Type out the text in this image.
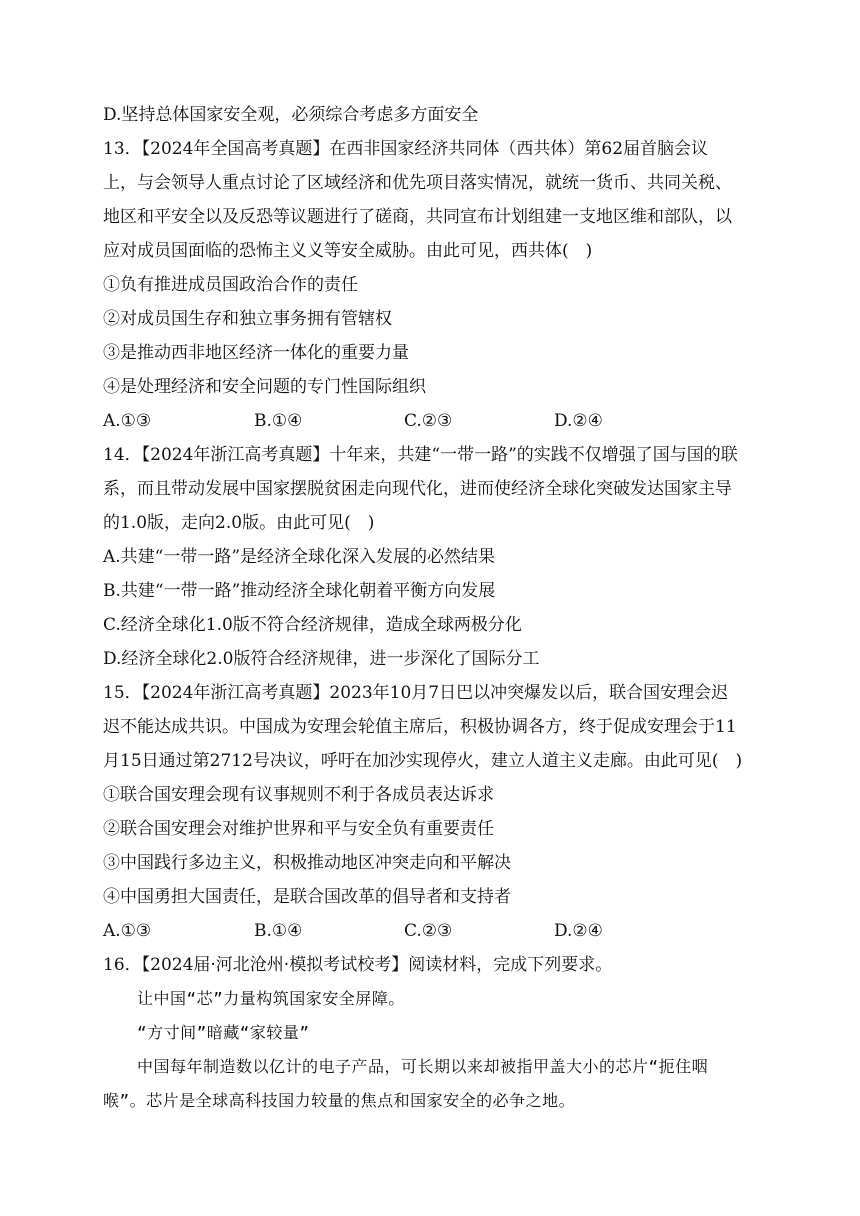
D.坚持总体国家安全观，必须综合考虑多方面安全
13．【2024年全国高考真题】在西非国家经济共同体（西共体）第62届首脑会议
上，与会领导人重点讨论了区域经济和优先项目落实情况，就统一货币、共同关税、
地区和平安全以及反恐等议题进行了磋商，共同宣布计划组建一支地区维和部队，以
应对成员国面临的恐怖主义义等安全威胁。由此可见，西共体(　)
①负有推进成员国政治合作的责任
②对成员国生存和独立事务拥有管辖权
③是推动西非地区经济一体化的重要力量
④是处理经济和安全问题的专门性国际组织
A.①③	B.①④	C.②③	D.②④
14．【2024年浙江高考真题】十年来，共建“一带一路”的实践不仅增强了国与国的联
系，而且带动发展中国家摆脱贫困走向现代化，进而使经济全球化突破发达国家主导
的1.0版，走向2.0版。由此可见(　)
A.共建“一带一路”是经济全球化深入发展的必然结果
B.共建“一带一路”推动经济全球化朝着平衡方向发展
C.经济全球化1.0版不符合经济规律，造成全球两极分化
D.经济全球化2.0版符合经济规律，进一步深化了国际分工
15．【2024年浙江高考真题】2023年10月7日巴以冲突爆发以后，联合国安理会迟
迟不能达成共识。中国成为安理会轮值主席后，积极协调各方，终于促成安理会于11
月15日通过第2712号决议，呼吁在加沙实现停火，建立人道主义走廊。由此可见(　)
①联合国安理会现有议事规则不利于各成员表达诉求
②联合国安理会对维护世界和平与安全负有重要责任
③中国践行多边主义，积极推动地区冲突走向和平解决
④中国勇担大国责任，是联合国改革的倡导者和支持者
A.①③	B.①④	C.②③	D.②④
16．【2024届·河北沧州·模拟考试校考】阅读材料，完成下列要求。
让中国“芯”力量构筑国家安全屏障。
“方寸间”暗藏“家较量”
中国每年制造数以亿计的电子产品，可长期以来却被指甲盖大小的芯片“扼住咽
喉”。芯片是全球高科技国力较量的焦点和国家安全的必争之地。
